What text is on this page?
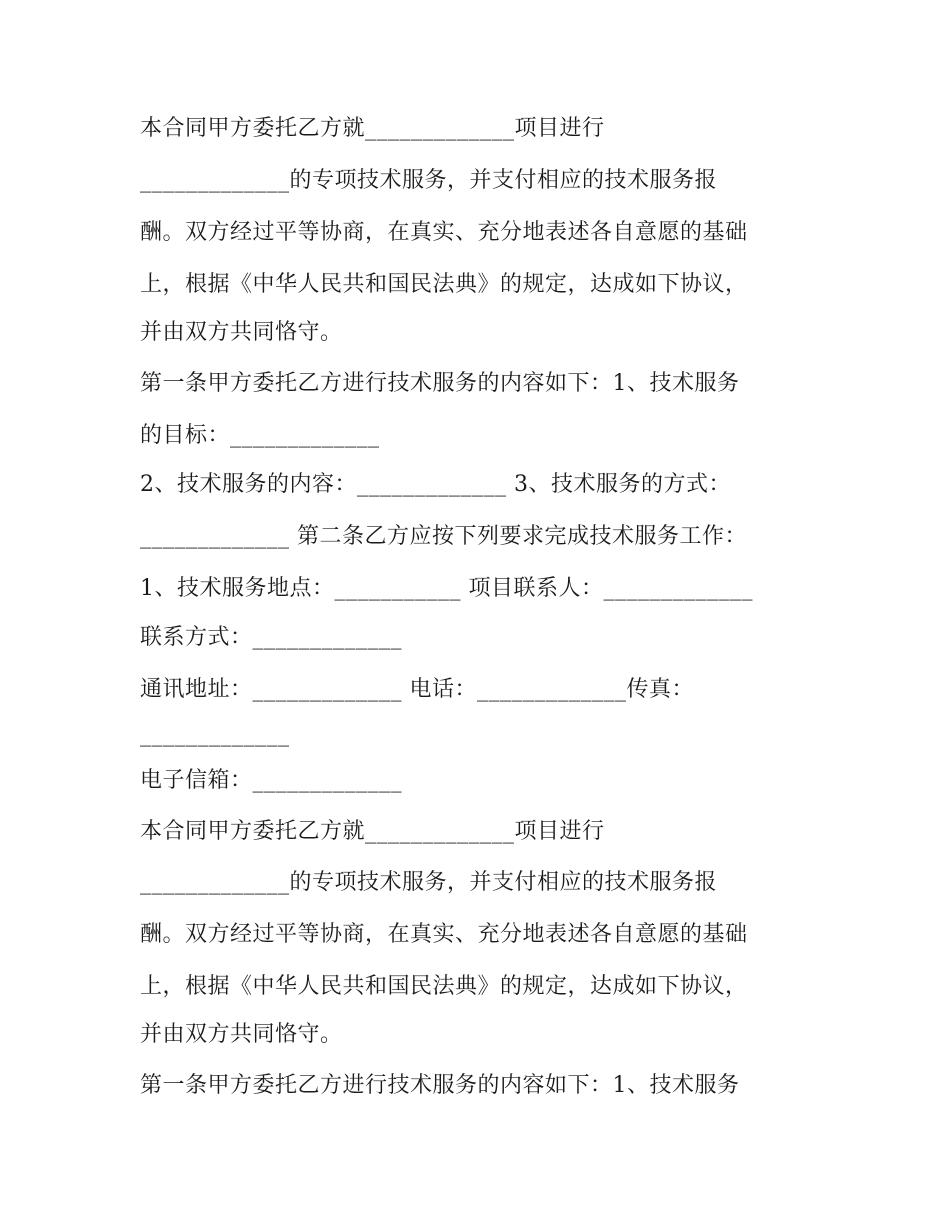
本合同甲方委托乙方就_____________项目进行
_____________的专项技术服务，并支付相应的技术服务报
酬。双方经过平等协商，在真实、充分地表述各自意愿的基础
上，根据《中华人民共和国民法典》的规定，达成如下协议，
并由双方共同恪守。
第一条甲方委托乙方进行技术服务的内容如下：1、技术服务
的目标：_____________
2、技术服务的内容：_____________ 3、技术服务的方式：
_____________ 第二条乙方应按下列要求完成技术服务工作：
1、技术服务地点：___________ 项目联系人：_____________
联系方式：_____________
通讯地址：_____________ 电话：_____________传真：
_____________
电子信箱：_____________
本合同甲方委托乙方就_____________项目进行
_____________的专项技术服务，并支付相应的技术服务报
酬。双方经过平等协商，在真实、充分地表述各自意愿的基础
上，根据《中华人民共和国民法典》的规定，达成如下协议，
并由双方共同恪守。
第一条甲方委托乙方进行技术服务的内容如下：1、技术服务
